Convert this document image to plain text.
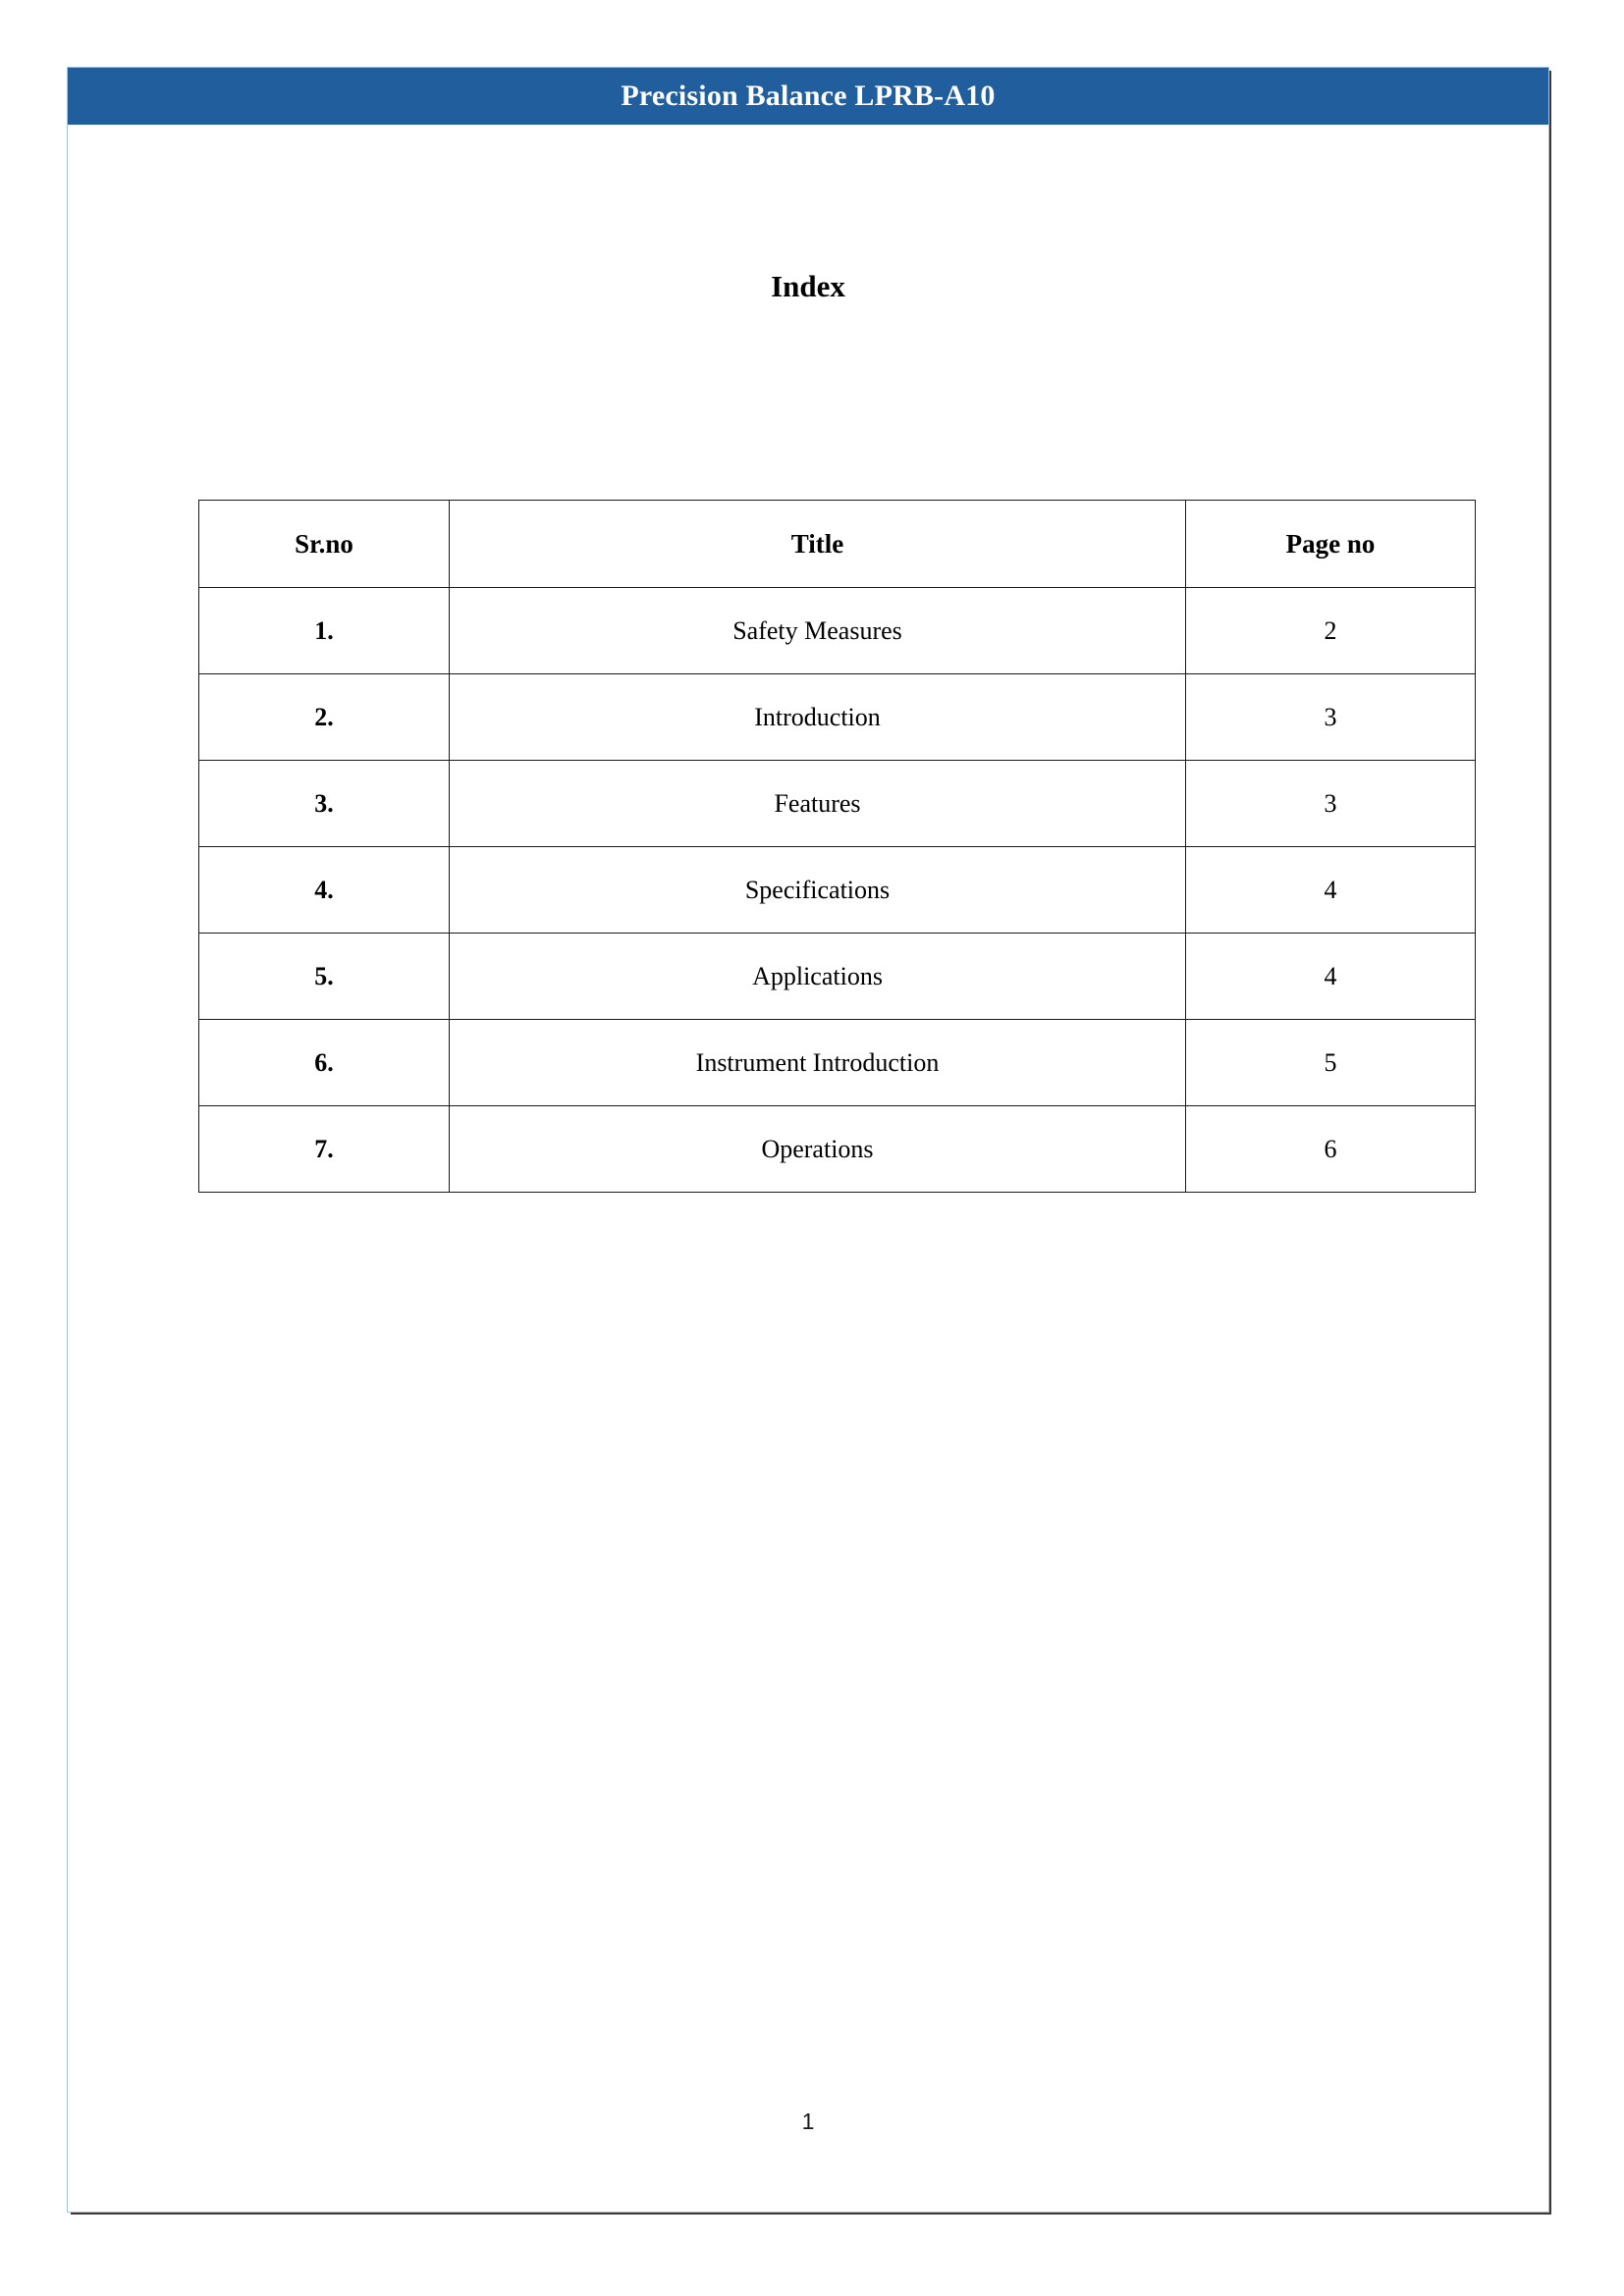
Precision Balance LPRB-A10
Index
Sr.no	Title	Page no
1.	Safety Measures	2
2.	Introduction	3
3.	Features	3
4.	Specifications	4
5.	Applications	4
6.	Instrument Introduction	5
7.	Operations	6
1
